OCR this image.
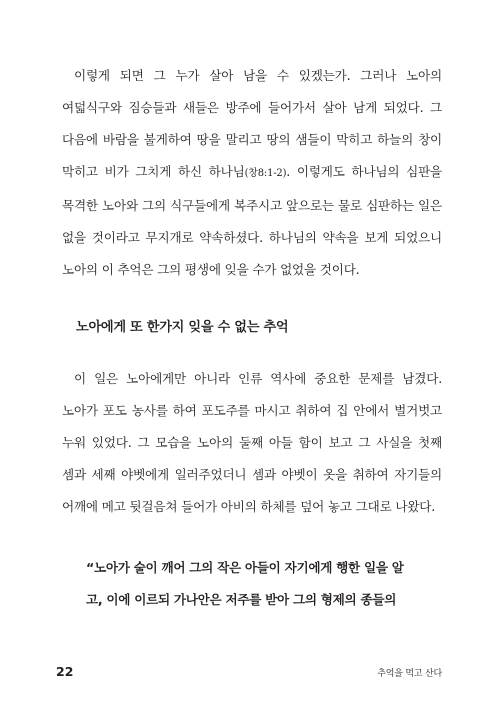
이렇게 되면 그 누가 살아 남을 수 있겠는가. 그러나 노아의 여덟식구와 짐승들과 새들은 방주에 들어가서 살아 남게 되었다. 그 다음에 바람을 불게하여 땅을 말리고 땅의 샘들이 막히고 하늘의 창이 막히고 비가 그치게 하신 하나님(창8:1-2). 이렇게도 하나님의 심판을 목격한 노아와 그의 식구들에게 복주시고 앞으로는 물로 심판하는 일은 없을 것이라고 무지개로 약속하셨다. 하나님의 약속을 보게 되었으니 노아의 이 추억은 그의 평생에 잊을 수가 없었을 것이다.

노아에게 또 한가지 잊을 수 없는 추억

이 일은 노아에게만 아니라 인류 역사에 중요한 문제를 남겼다. 노아가 포도 농사를 하여 포도주를 마시고 취하여 집 안에서 벌거벗고 누워 있었다. 그 모습을 노아의 둘째 아들 함이 보고 그 사실을 첫째 셈과 세째 야벳에게 일러주었더니 셈과 야벳이 옷을 취하여 자기들의 어깨에 메고 뒷걸음쳐 들어가 아비의 하체를 덮어 놓고 그대로 나왔다.

“노아가 술이 깨어 그의 작은 아들이 자기에게 행한 일을 알고, 이에 이르되 가나안은 저주를 받아 그의 형제의 종들의

22	추억을 먹고 산다
